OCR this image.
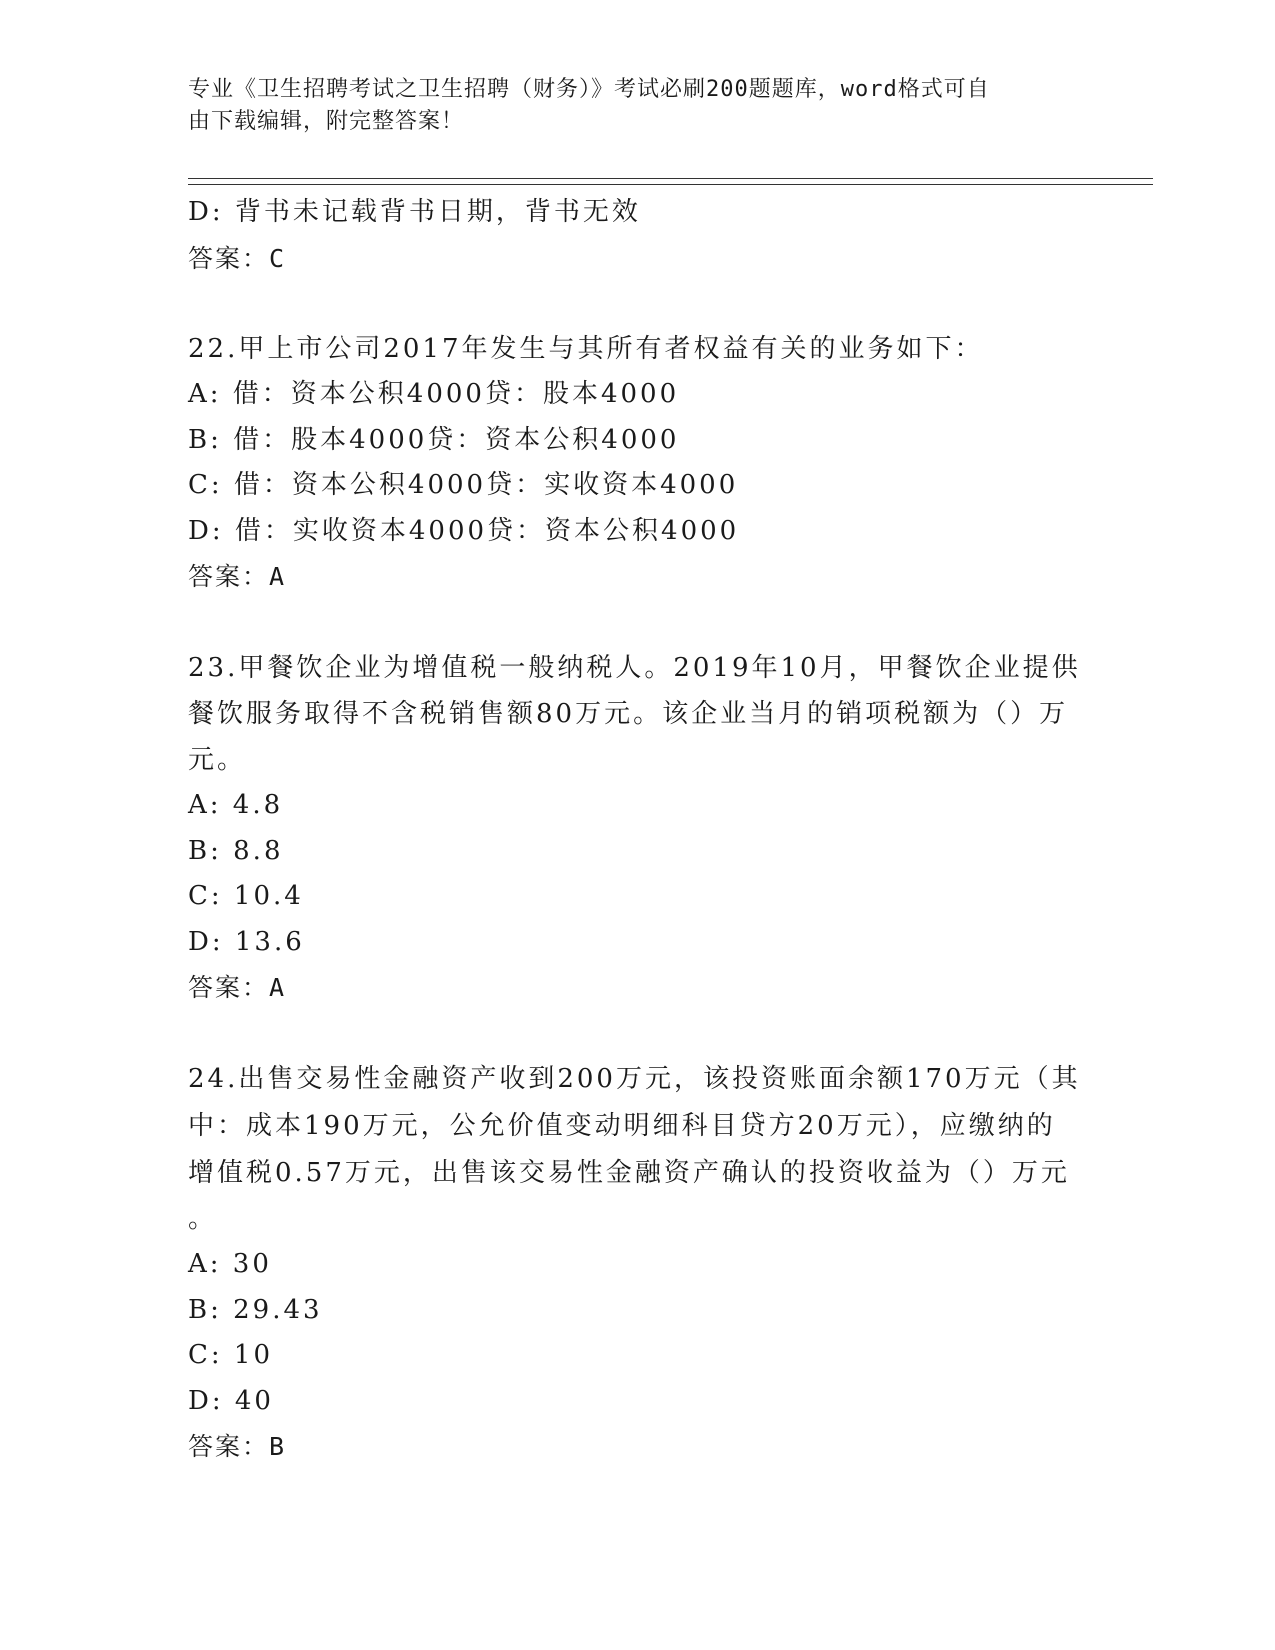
专业《卫生招聘考试之卫生招聘（财务）》考试必刷200题题库，word格式可自
由下载编辑，附完整答案！
D: 背书未记载背书日期，背书无效
答案：C
22.甲上市公司2017年发生与其所有者权益有关的业务如下：
A: 借：资本公积4000贷：股本4000
B: 借：股本4000贷：资本公积4000
C: 借：资本公积4000贷：实收资本4000
D: 借：实收资本4000贷：资本公积4000
答案：A
23.甲餐饮企业为增值税一般纳税人。2019年10月，甲餐饮企业提供
餐饮服务取得不含税销售额80万元。该企业当月的销项税额为（）万
元。
A: 4.8
B: 8.8
C: 10.4
D: 13.6
答案：A
24.出售交易性金融资产收到200万元，该投资账面余额170万元（其
中：成本190万元，公允价值变动明细科目贷方20万元），应缴纳的
增值税0.57万元，出售该交易性金融资产确认的投资收益为（）万元
。
A: 30
B: 29.43
C: 10
D: 40
答案：B
